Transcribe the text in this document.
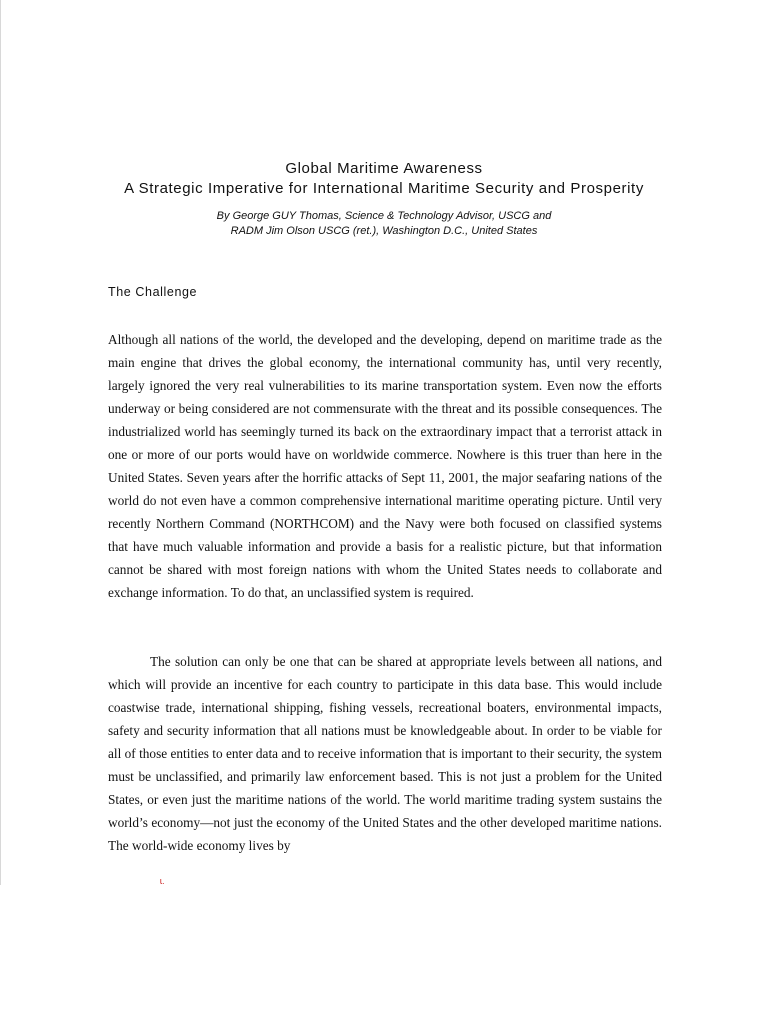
Global Maritime Awareness
A Strategic Imperative for International Maritime Security and Prosperity
By George GUY Thomas, Science & Technology Advisor, USCG and
RADM Jim Olson USCG (ret.), Washington D.C., United States
The Challenge

Although all nations of the world, the developed and the developing, depend on maritime trade as the main engine that drives the global economy, the international community has, until very recently, largely ignored the very real vulnerabilities to its marine transportation system. Even now the efforts underway or being considered are not commensurate with the threat and its possible consequences. The industrialized world has seemingly turned its back on the extraordinary impact that a terrorist attack in one or more of our ports would have on worldwide commerce. Nowhere is this truer than here in the United States. Seven years after the horrific attacks of Sept 11, 2001, the major seafaring nations of the world do not even have a common comprehensive international maritime operating picture. Until very recently Northern Command (NORTHCOM) and the Navy were both focused on classified systems that have much valuable information and provide a basis for a realistic picture, but that information cannot be shared with most foreign nations with whom the United States needs to collaborate and exchange information. To do that, an unclassified system is required.

The solution can only be one that can be shared at appropriate levels between all nations, and which will provide an incentive for each country to participate in this data base. This would include coastwise trade, international shipping, fishing vessels, recreational boaters, environmental impacts, safety and security information that all nations must be knowledgeable about. In order to be viable for all of those entities to enter data and to receive information that is important to their security, the system must be unclassified, and primarily law enforcement based. This is not just a problem for the United States, or even just the maritime nations of the world. The world maritime trading system sustains the world’s economy—not just the economy of the United States and the other developed maritime nations. The world-wide economy lives by

ɩ.
